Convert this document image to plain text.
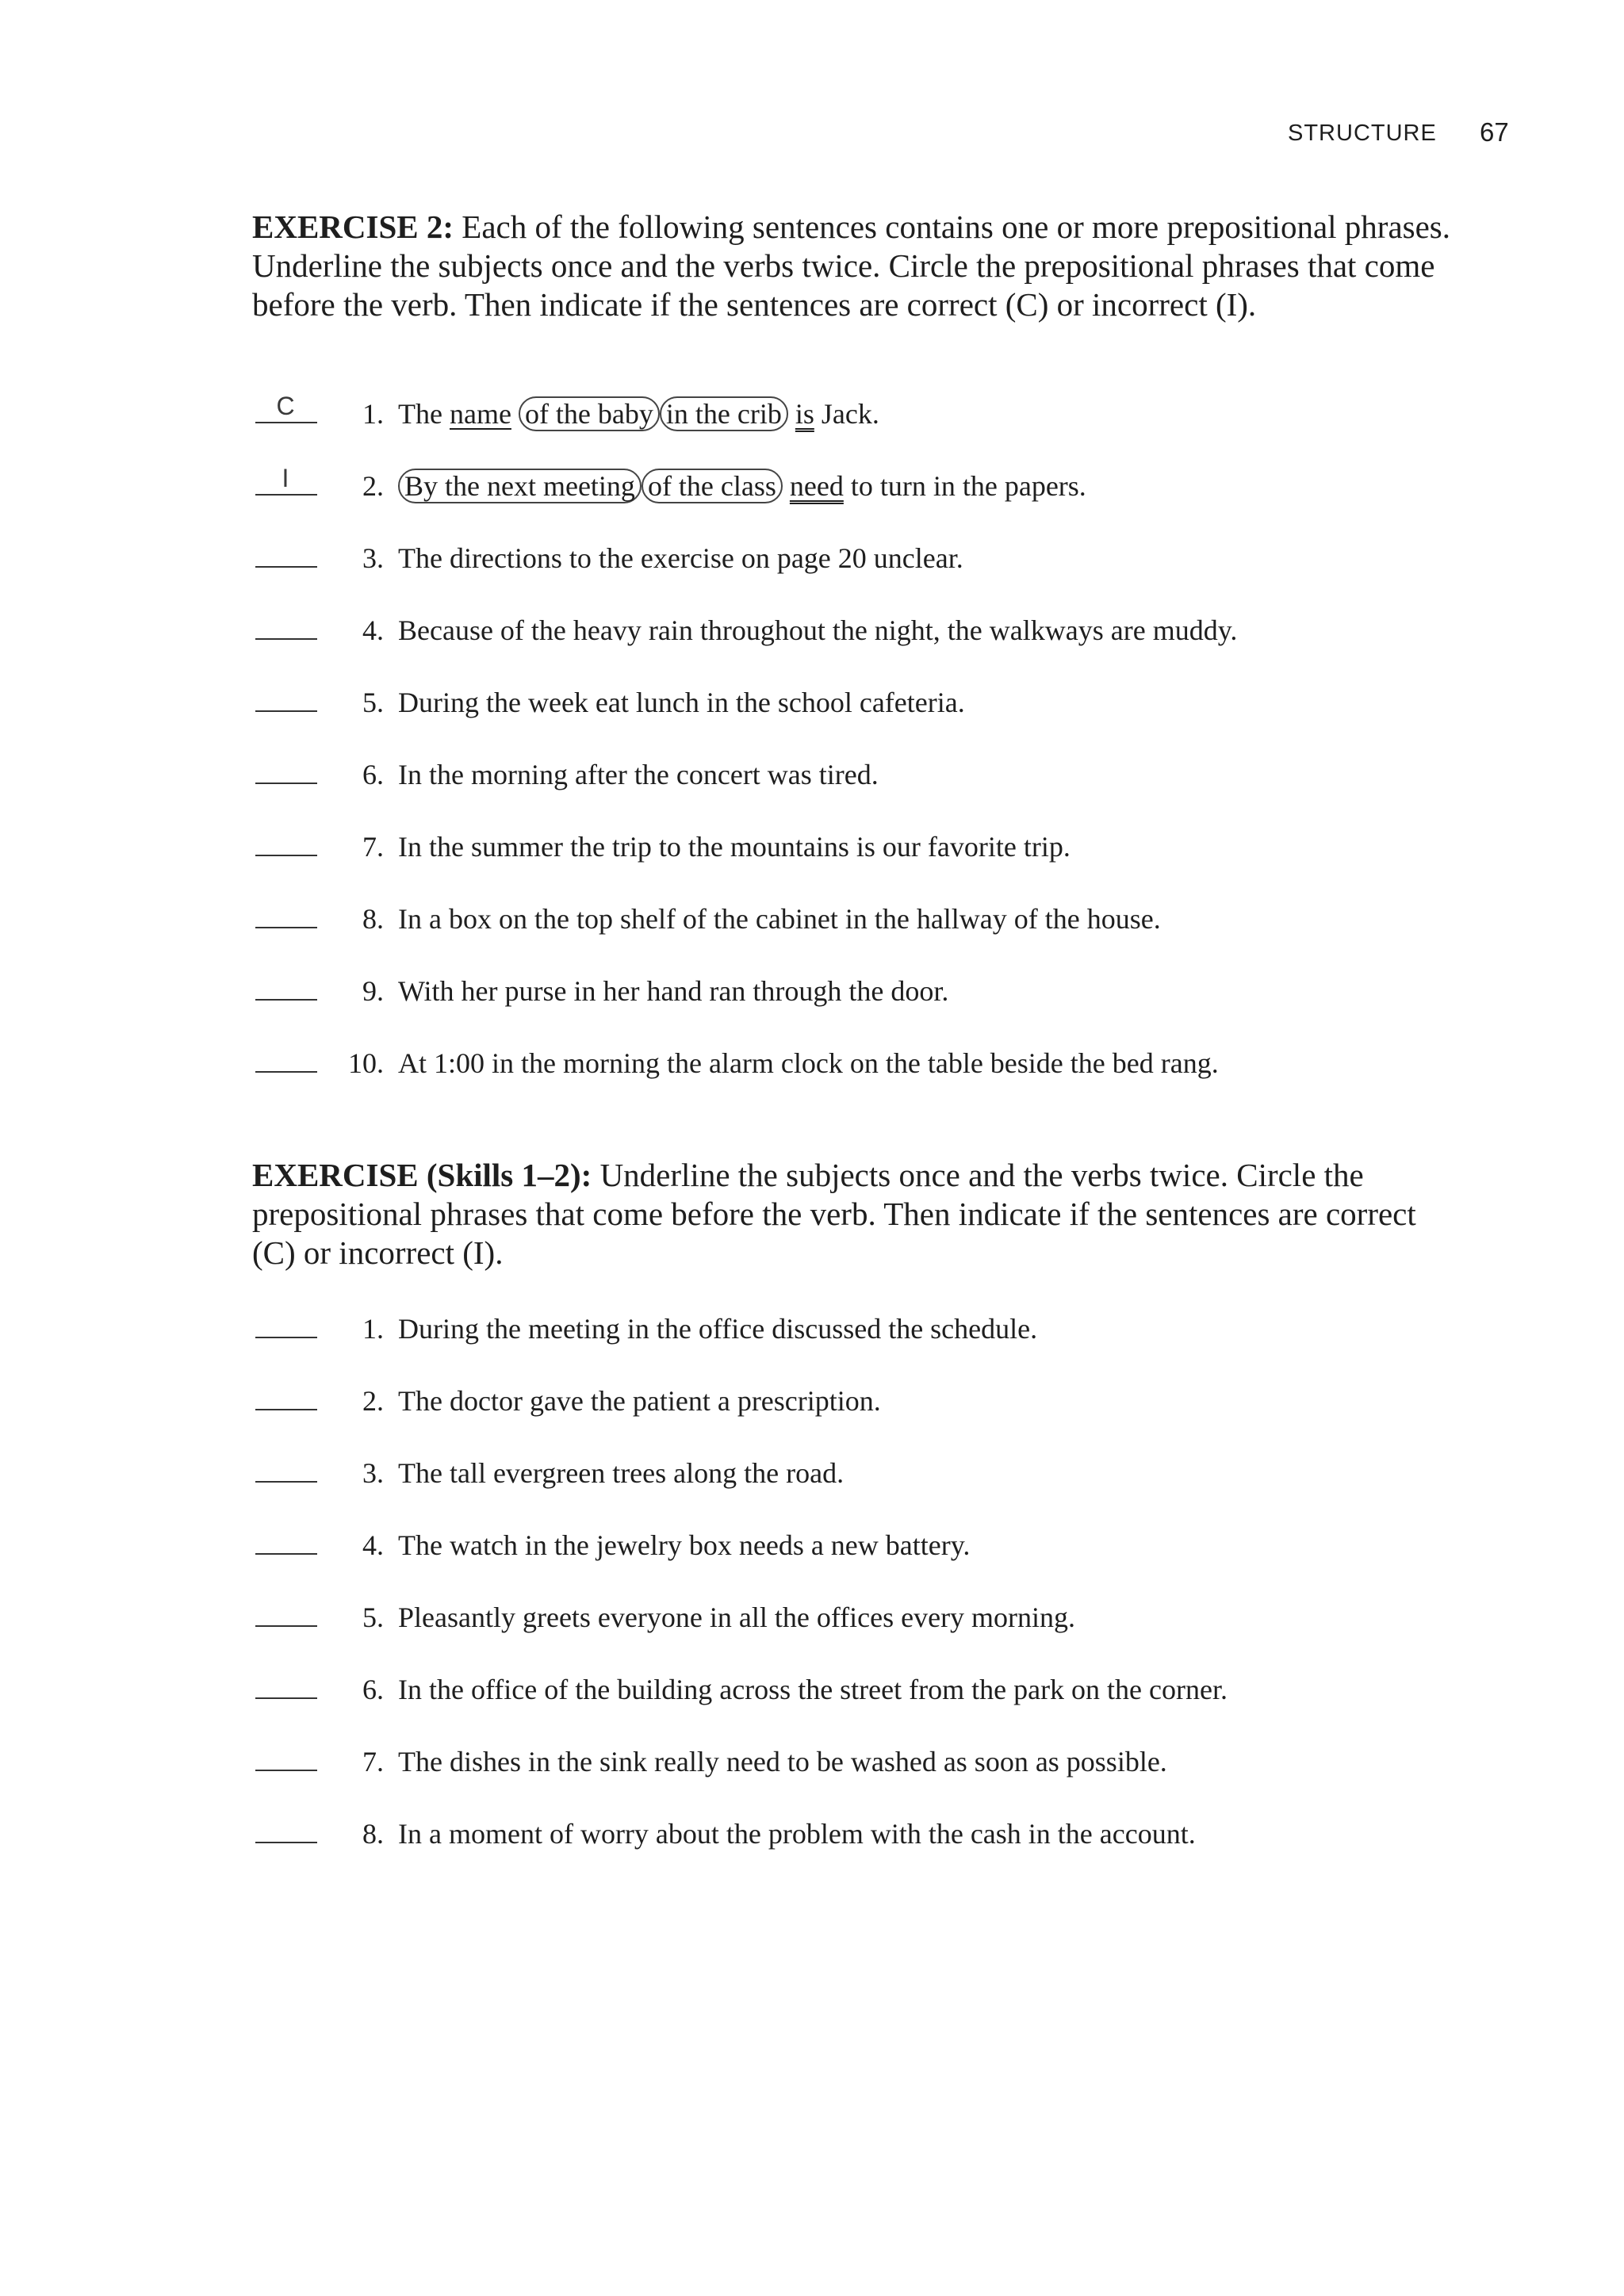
STRUCTURE 67

EXERCISE 2: Each of the following sentences contains one or more prepositional phrases. Underline the subjects once and the verbs twice. Circle the prepositional phrases that come before the verb. Then indicate if the sentences are correct (C) or incorrect (I).

C	1. The name of the baby in the crib is Jack.
I	2. By the next meeting of the class need to turn in the papers.
3. The directions to the exercise on page 20 unclear.
4. Because of the heavy rain throughout the night, the walkways are muddy.
5. During the week eat lunch in the school cafeteria.
6. In the morning after the concert was tired.
7. In the summer the trip to the mountains is our favorite trip.
8. In a box on the top shelf of the cabinet in the hallway of the house.
9. With her purse in her hand ran through the door.
10. At 1:00 in the morning the alarm clock on the table beside the bed rang.

EXERCISE (Skills 1–2): Underline the subjects once and the verbs twice. Circle the prepositional phrases that come before the verb. Then indicate if the sentences are correct (C) or incorrect (I).

1. During the meeting in the office discussed the schedule.
2. The doctor gave the patient a prescription.
3. The tall evergreen trees along the road.
4. The watch in the jewelry box needs a new battery.
5. Pleasantly greets everyone in all the offices every morning.
6. In the office of the building across the street from the park on the corner.
7. The dishes in the sink really need to be washed as soon as possible.
8. In a moment of worry about the problem with the cash in the account.
